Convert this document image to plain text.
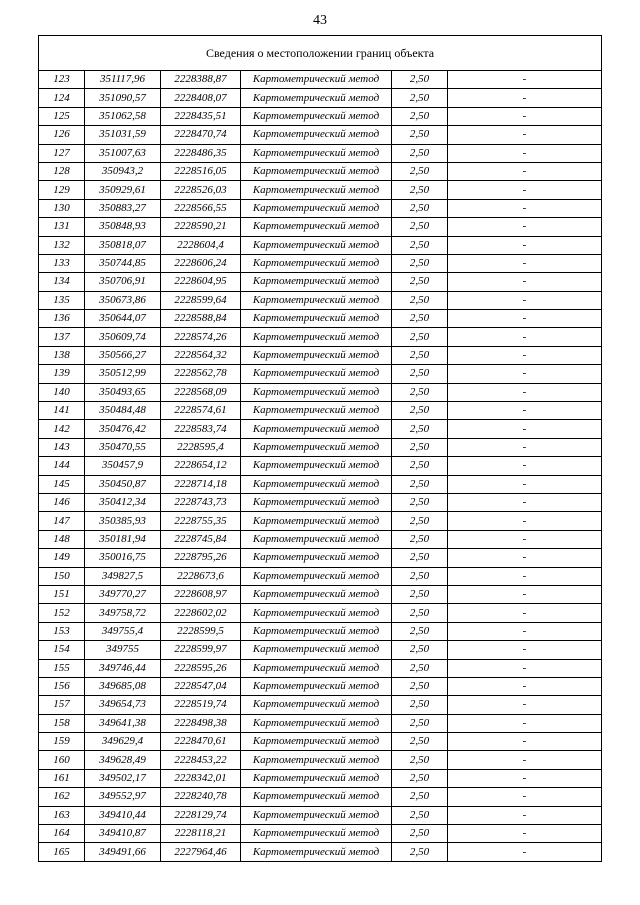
43
Сведения о местоположении границ объекта					
123	351117,96	2228388,87	Картометрический метод	2,50	-
124	351090,57	2228408,07	Картометрический метод	2,50	-
125	351062,58	2228435,51	Картометрический метод	2,50	-
126	351031,59	2228470,74	Картометрический метод	2,50	-
127	351007,63	2228486,35	Картометрический метод	2,50	-
128	350943,2	2228516,05	Картометрический метод	2,50	-
129	350929,61	2228526,03	Картометрический метод	2,50	-
130	350883,27	2228566,55	Картометрический метод	2,50	-
131	350848,93	2228590,21	Картометрический метод	2,50	-
132	350818,07	2228604,4	Картометрический метод	2,50	-
133	350744,85	2228606,24	Картометрический метод	2,50	-
134	350706,91	2228604,95	Картометрический метод	2,50	-
135	350673,86	2228599,64	Картометрический метод	2,50	-
136	350644,07	2228588,84	Картометрический метод	2,50	-
137	350609,74	2228574,26	Картометрический метод	2,50	-
138	350566,27	2228564,32	Картометрический метод	2,50	-
139	350512,99	2228562,78	Картометрический метод	2,50	-
140	350493,65	2228568,09	Картометрический метод	2,50	-
141	350484,48	2228574,61	Картометрический метод	2,50	-
142	350476,42	2228583,74	Картометрический метод	2,50	-
143	350470,55	2228595,4	Картометрический метод	2,50	-
144	350457,9	2228654,12	Картометрический метод	2,50	-
145	350450,87	2228714,18	Картометрический метод	2,50	-
146	350412,34	2228743,73	Картометрический метод	2,50	-
147	350385,93	2228755,35	Картометрический метод	2,50	-
148	350181,94	2228745,84	Картометрический метод	2,50	-
149	350016,75	2228795,26	Картометрический метод	2,50	-
150	349827,5	2228673,6	Картометрический метод	2,50	-
151	349770,27	2228608,97	Картометрический метод	2,50	-
152	349758,72	2228602,02	Картометрический метод	2,50	-
153	349755,4	2228599,5	Картометрический метод	2,50	-
154	349755	2228599,97	Картометрический метод	2,50	-
155	349746,44	2228595,26	Картометрический метод	2,50	-
156	349685,08	2228547,04	Картометрический метод	2,50	-
157	349654,73	2228519,74	Картометрический метод	2,50	-
158	349641,38	2228498,38	Картометрический метод	2,50	-
159	349629,4	2228470,61	Картометрический метод	2,50	-
160	349628,49	2228453,22	Картометрический метод	2,50	-
161	349502,17	2228342,01	Картометрический метод	2,50	-
162	349552,97	2228240,78	Картометрический метод	2,50	-
163	349410,44	2228129,74	Картометрический метод	2,50	-
164	349410,87	2228118,21	Картометрический метод	2,50	-
165	349491,66	2227964,46	Картометрический метод	2,50	-
